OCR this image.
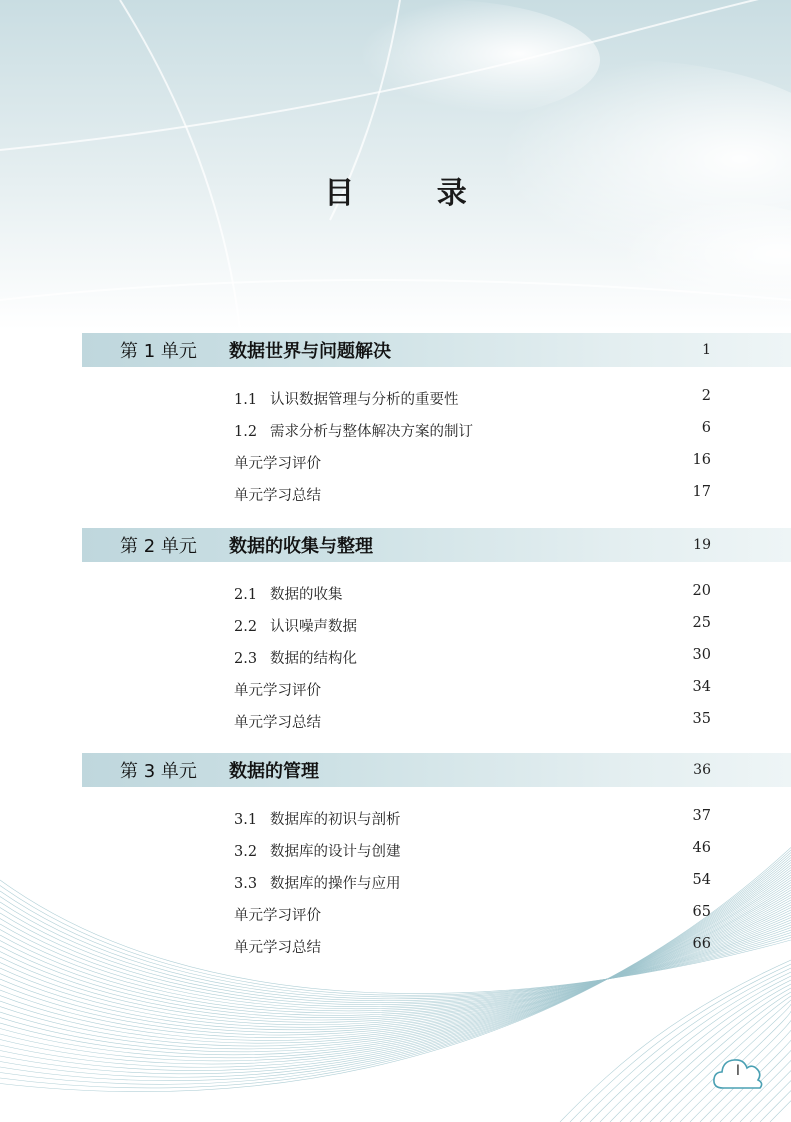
目 录
第 1 单元 数据世界与问题解决	1
1.1 认识数据管理与分析的重要性	2
1.2 需求分析与整体解决方案的制订	6
单元学习评价	16
单元学习总结	17
第 2 单元 数据的收集与整理	19
2.1 数据的收集	20
2.2 认识噪声数据	25
2.3 数据的结构化	30
单元学习评价	34
单元学习总结	35
第 3 单元 数据的管理	36
3.1 数据库的初识与剖析	37
3.2 数据库的设计与创建	46
3.3 数据库的操作与应用	54
单元学习评价	65
单元学习总结	66
I
